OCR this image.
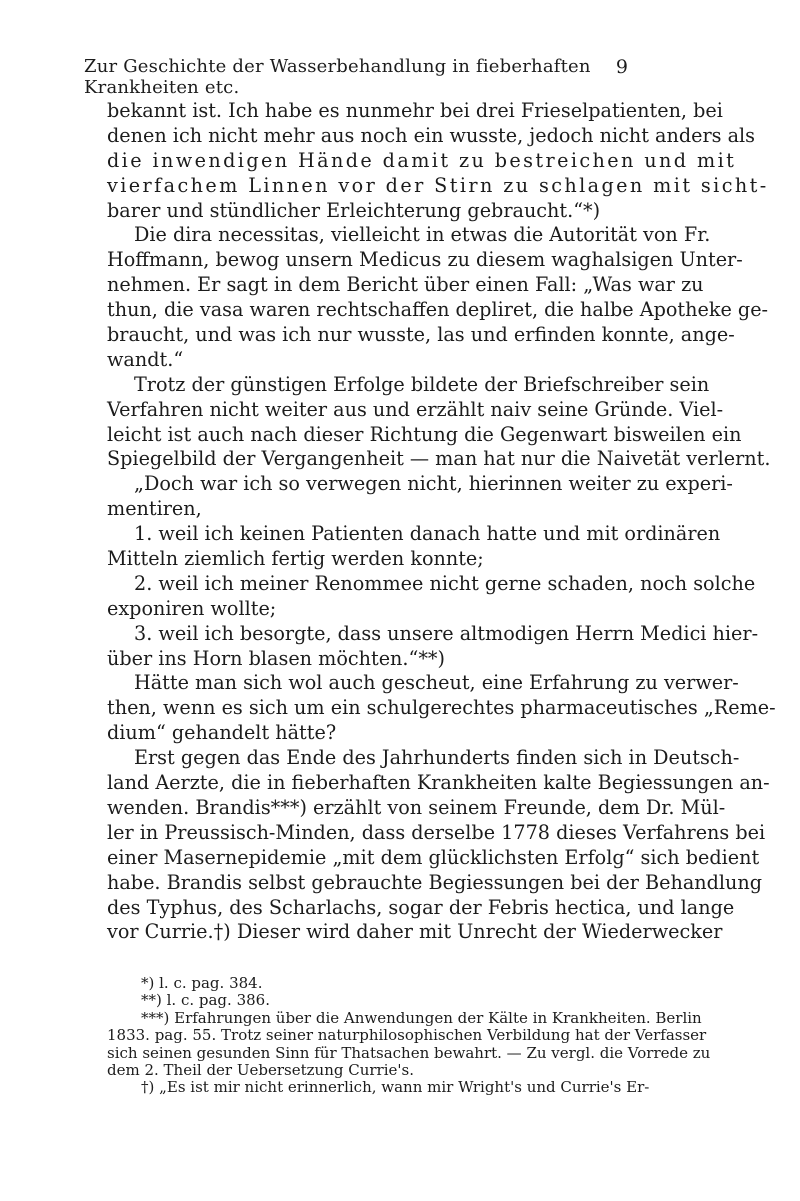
Zur Geschichte der Wasserbehandlung in fieberhaften Krankheiten etc.
9
bekannt ist. Ich habe es nunmehr bei drei Frieselpatienten, bei
denen ich nicht mehr aus noch ein wusste, jedoch nicht anders als
die inwendigen Hände damit zu bestreichen und mit
vierfachem Linnen vor der Stirn zu schlagen mit sicht-
barer und stündlicher Erleichterung gebraucht.“*)
Die dira necessitas, vielleicht in etwas die Autorität von Fr.
Hoffmann, bewog unsern Medicus zu diesem waghalsigen Unter-
nehmen. Er sagt in dem Bericht über einen Fall: „Was war zu
thun, die vasa waren rechtschaffen depliret, die halbe Apotheke ge-
braucht, und was ich nur wusste, las und erfinden konnte, ange-
wandt.“
Trotz der günstigen Erfolge bildete der Briefschreiber sein
Verfahren nicht weiter aus und erzählt naiv seine Gründe. Viel-
leicht ist auch nach dieser Richtung die Gegenwart bisweilen ein
Spiegelbild der Vergangenheit — man hat nur die Naivetät verlernt.
„Doch war ich so verwegen nicht, hierinnen weiter zu experi-
mentiren,
1. weil ich keinen Patienten danach hatte und mit ordinären
Mitteln ziemlich fertig werden konnte;
2. weil ich meiner Renommee nicht gerne schaden, noch solche
exponiren wollte;
3. weil ich besorgte, dass unsere altmodigen Herrn Medici hier-
über ins Horn blasen möchten.“**)
Hätte man sich wol auch gescheut, eine Erfahrung zu verwer-
then, wenn es sich um ein schulgerechtes pharmaceutisches „Reme-
dium“ gehandelt hätte?
Erst gegen das Ende des Jahrhunderts finden sich in Deutsch-
land Aerzte, die in fieberhaften Krankheiten kalte Begiessungen an-
wenden. Brandis***) erzählt von seinem Freunde, dem Dr. Mül-
ler in Preussisch-Minden, dass derselbe 1778 dieses Verfahrens bei
einer Masernepidemie „mit dem glücklichsten Erfolg“ sich bedient
habe. Brandis selbst gebrauchte Begiessungen bei der Behandlung
des Typhus, des Scharlachs, sogar der Febris hectica, und lange
vor Currie.†) Dieser wird daher mit Unrecht der Wiederwecker
*) l. c. pag. 384.
**) l. c. pag. 386.
***) Erfahrungen über die Anwendungen der Kälte in Krankheiten. Berlin
1833. pag. 55. Trotz seiner naturphilosophischen Verbildung hat der Verfasser
sich seinen gesunden Sinn für Thatsachen bewahrt. — Zu vergl. die Vorrede zu
dem 2. Theil der Uebersetzung Currie's.
†) „Es ist mir nicht erinnerlich, wann mir Wright's und Currie's Er-
